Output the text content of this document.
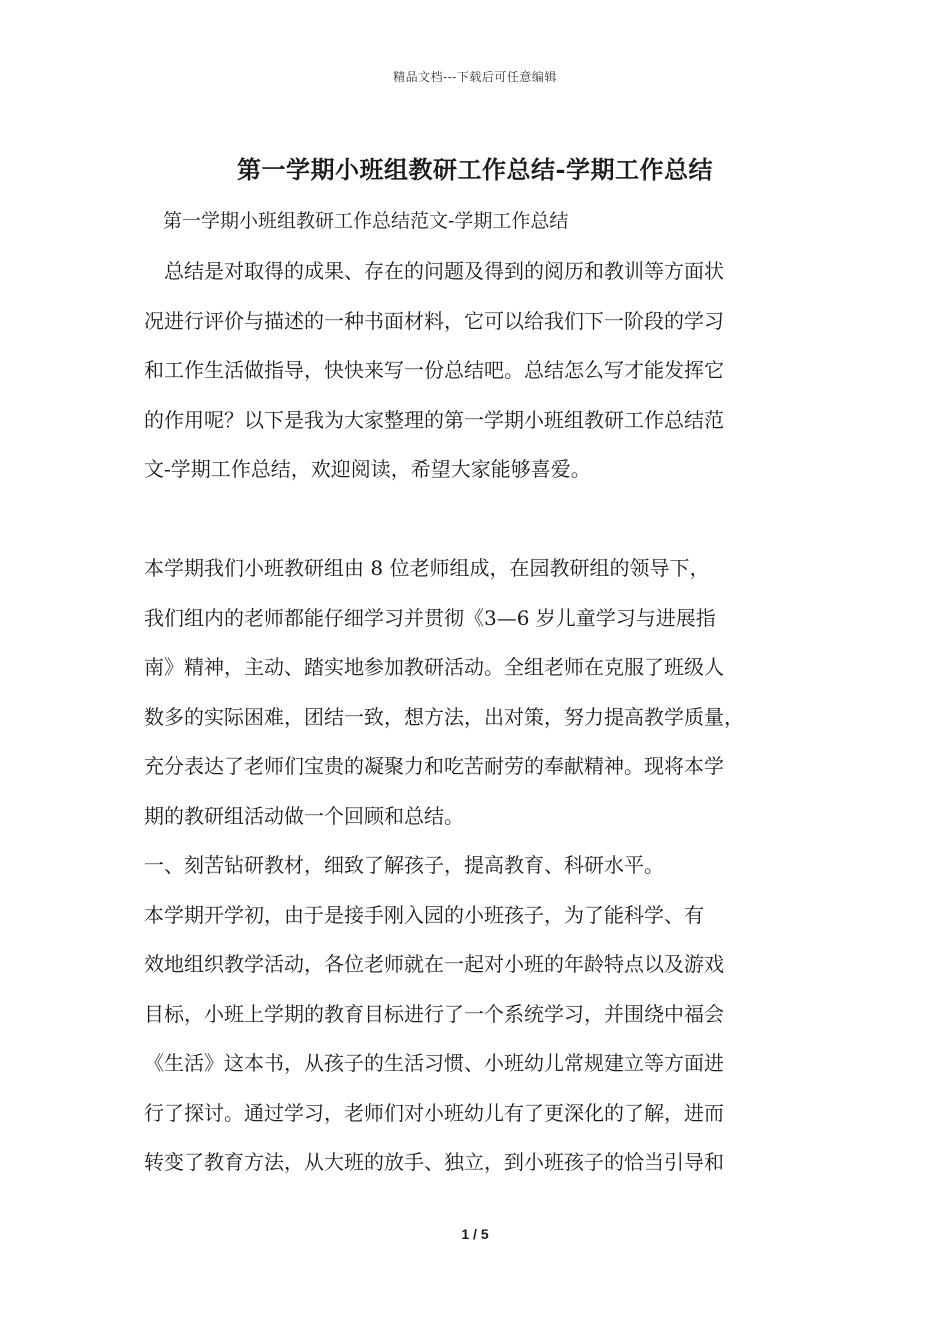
精品文档---下载后可任意编辑
第一学期小班组教研工作总结-学期工作总结

第一学期小班组教研工作总结范文-学期工作总结

　总结是对取得的成果、存在的问题及得到的阅历和教训等方面状

况进行评价与描述的一种书面材料，它可以给我们下一阶段的学习

和工作生活做指导，快快来写一份总结吧。总结怎么写才能发挥它

的作用呢？以下是我为大家整理的第一学期小班组教研工作总结范

文-学期工作总结，欢迎阅读，希望大家能够喜爱。

本学期我们小班教研组由 8 位老师组成，在园教研组的领导下，

我们组内的老师都能仔细学习并贯彻《3—6 岁儿童学习与进展指

南》精神，主动、踏实地参加教研活动。全组老师在克服了班级人

数多的实际困难，团结一致，想方法，出对策，努力提高教学质量，

充分表达了老师们宝贵的凝聚力和吃苦耐劳的奉献精神。现将本学

期的教研组活动做一个回顾和总结。

一、刻苦钻研教材，细致了解孩子，提高教育、科研水平。

本学期开学初，由于是接手刚入园的小班孩子，为了能科学、有

效地组织教学活动，各位老师就在一起对小班的年龄特点以及游戏

目标，小班上学期的教育目标进行了一个系统学习，并围绕中福会

《生活》这本书，从孩子的生活习惯、小班幼儿常规建立等方面进

行了探讨。通过学习，老师们对小班幼儿有了更深化的了解，进而

转变了教育方法，从大班的放手、独立，到小班孩子的恰当引导和

1 / 5
